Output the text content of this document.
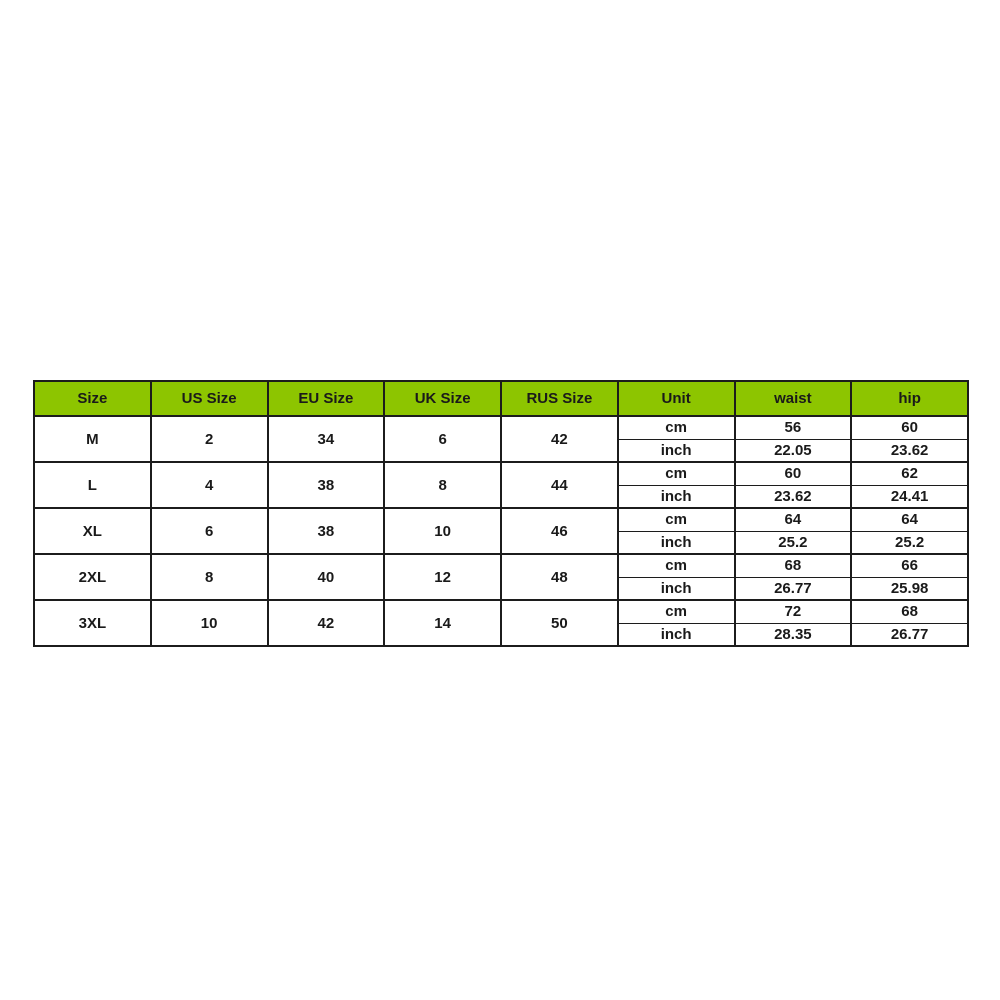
Size	US Size	EU Size	UK Size	RUS Size	Unit	waist	hip
M	2	34	6	42	cm	56	60
					inch	22.05	23.62
L	4	38	8	44	cm	60	62
					inch	23.62	24.41
XL	6	38	10	46	cm	64	64
					inch	25.2	25.2
2XL	8	40	12	48	cm	68	66
					inch	26.77	25.98
3XL	10	42	14	50	cm	72	68
					inch	28.35	26.77
